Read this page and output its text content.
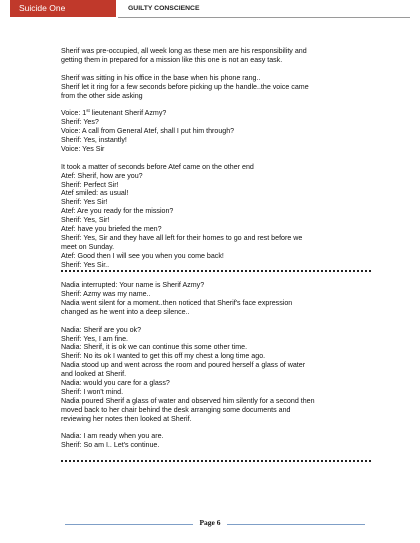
Suicide One	GUILTY CONSCIENCE
Sherif was pre-occupied, all week long as these men are his responsibility and
getting them in prepared for a mission like this one is not an easy task.
Sherif was sitting in his office in the base when his phone rang..
Sherif let it ring for a few seconds before picking up the handle..the voice came
from the other side asking
Voice: 1st lieutenant Sherif Azmy?
Sherif: Yes?
Voice: A call from General Atef, shall I put him through?
Sherif: Yes, instantly!
Voice: Yes Sir
It took a matter of seconds before Atef came on the other end
Atef: Sherif, how are you?
Sherif: Perfect Sir!
Atef smiled: as usual!
Sherif: Yes Sir!
Atef: Are you ready for the mission?
Sherif: Yes, Sir!
Atef: have you briefed the men?
Sherif: Yes, Sir and they have all left for their homes to go and rest before we
meet on Sunday.
Atef: Good then I will see you when you come back!
Sherif: Yes Sir..
Nadia interrupted: Your name is Sherif Azmy?
Sherif: Azmy was my name..
Nadia went silent for a moment..then noticed that Sherif's face expression
changed as he went into a deep silence..
Nadia: Sherif are you ok?
Sherif: Yes, I am fine.
Nadia: Sherif, it is ok we can continue this some other time.
Sherif: No its ok I wanted to get this off my chest a long time ago.
Nadia stood up and went across the room and poured herself a glass of water
and looked at Sherif.
Nadia: would you care for a glass?
Sherif: I won't mind.
Nadia poured Sherif a glass of water and observed him silently for a second then
moved back to her chair behind the desk arranging some documents and
reviewing her notes then looked at Sherif.
Nadia: I am ready when you are.
Sherif: So am I.. Let's continue.
Page 6
